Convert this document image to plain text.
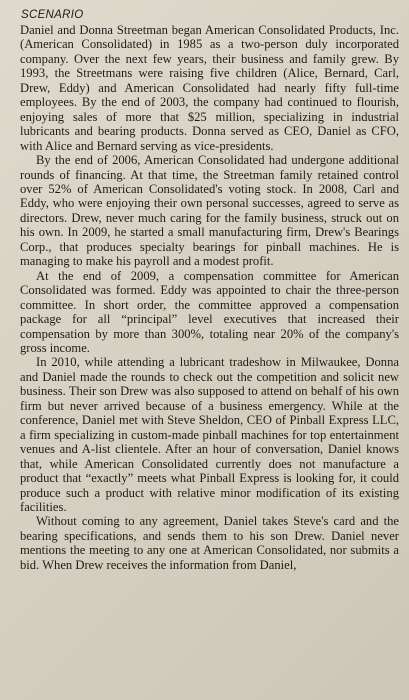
SCENARIO

Daniel and Donna Streetman began American Consolidated Products, Inc. (American Consolidated) in 1985 as a two-person duly incorporated company. Over the next few years, their business and family grew. By 1993, the Streetmans were raising five children (Alice, Bernard, Carl, Drew, Eddy) and American Consolidated had nearly fifty full-time employees. By the end of 2003, the company had continued to flourish, enjoying sales of more that $25 million, specializing in industrial lubricants and bearing products. Donna served as CEO, Daniel as CFO, with Alice and Bernard serving as vice-presidents.

By the end of 2006, American Consolidated had undergone additional rounds of financing. At that time, the Streetman family retained control over 52% of American Consolidated's voting stock. In 2008, Carl and Eddy, who were enjoying their own personal successes, agreed to serve as directors. Drew, never much caring for the family business, struck out on his own. In 2009, he started a small manufacturing firm, Drew's Bearings Corp., that produces specialty bearings for pinball machines. He is managing to make his payroll and a modest profit.

At the end of 2009, a compensation committee for American Consolidated was formed. Eddy was appointed to chair the three-person committee. In short order, the committee approved a compensation package for all “principal” level executives that increased their compensation by more than 300%, totaling near 20% of the company's gross income.

In 2010, while attending a lubricant tradeshow in Milwaukee, Donna and Daniel made the rounds to check out the competition and solicit new business. Their son Drew was also supposed to attend on behalf of his own firm but never arrived because of a business emergency. While at the conference, Daniel met with Steve Sheldon, CEO of Pinball Express LLC, a firm specializing in custom-made pinball machines for top entertainment venues and A-list clientele. After an hour of conversation, Daniel knows that, while American Consolidated currently does not manufacture a product that “exactly” meets what Pinball Express is looking for, it could produce such a product with relative minor modification of its existing facilities.

Without coming to any agreement, Daniel takes Steve's card and the bearing specifications, and sends them to his son Drew. Daniel never mentions the meeting to any one at American Consolidated, nor submits a bid. When Drew receives the information from Daniel,
